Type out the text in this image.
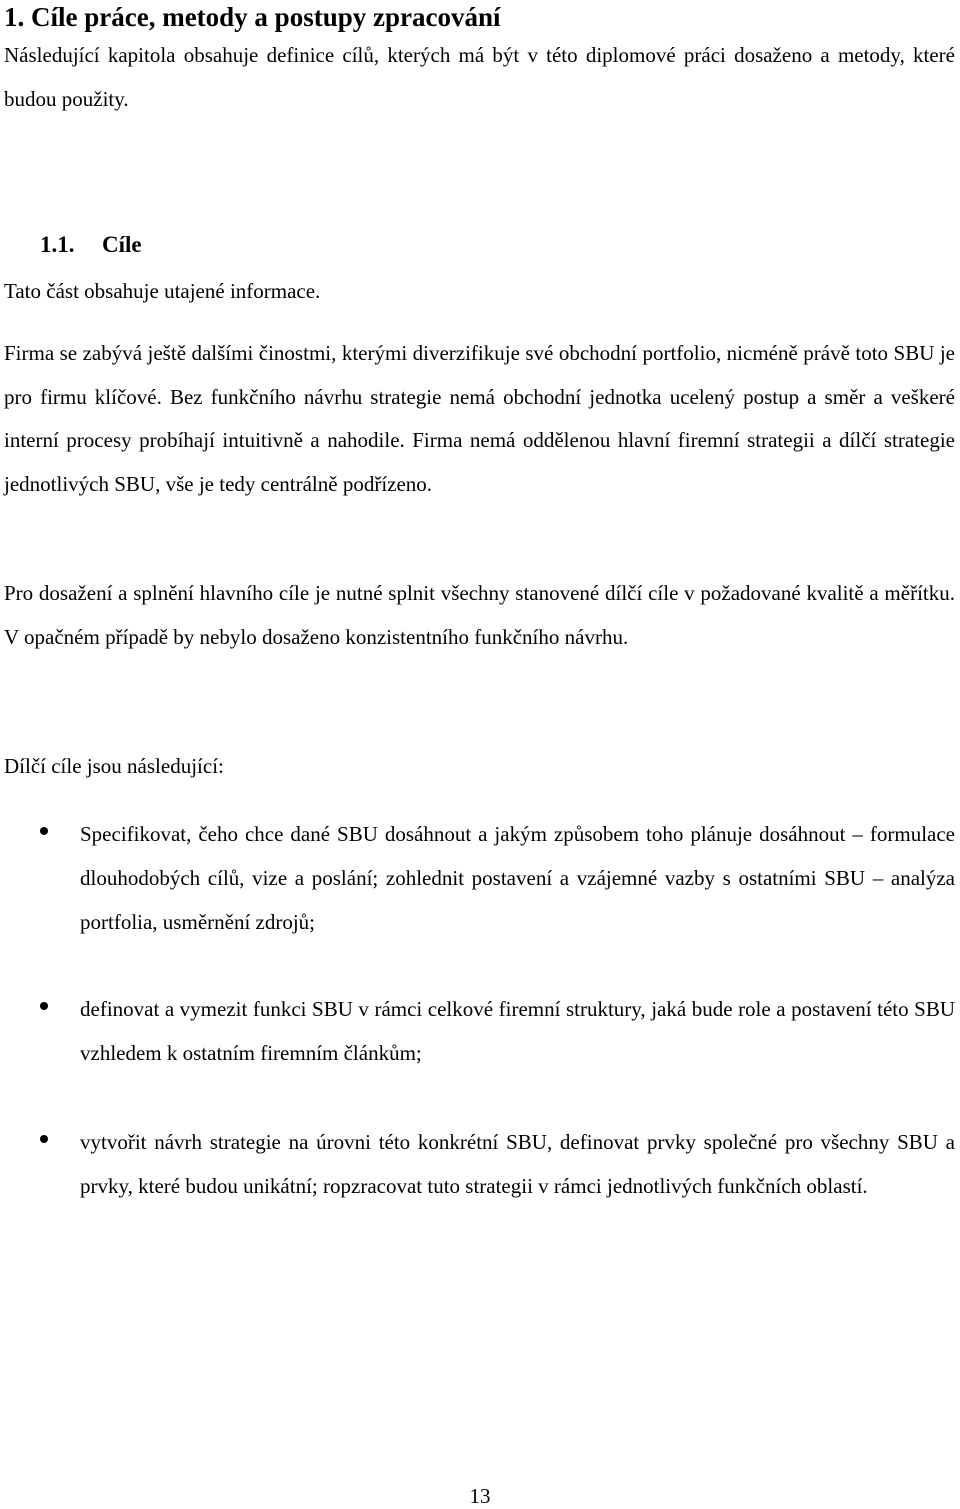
1. Cíle práce, metody a postupy zpracování

Následující kapitola obsahuje definice cílů, kterých má být v této diplomové práci dosaženo a metody, které budou použity.

1.1. Cíle

Tato část obsahuje utajené informace.

Firma se zabývá ještě dalšími činostmi, kterými diverzifikuje své obchodní portfolio, nicméně právě toto SBU je pro firmu klíčové. Bez funkčního návrhu strategie nemá obchodní jednotka ucelený postup a směr a veškeré interní procesy probíhají intuitivně a nahodile. Firma nemá oddělenou hlavní firemní strategii a dílčí strategie jednotlivých SBU, vše je tedy centrálně podřízeno.

Pro dosažení a splnění hlavního cíle je nutné splnit všechny stanovené dílčí cíle v požadované kvalitě a měřítku. V opačném případě by nebylo dosaženo konzistentního funkčního návrhu.

Dílčí cíle jsou následující:

Specifikovat, čeho chce dané SBU dosáhnout a jakým způsobem toho plánuje dosáhnout – formulace dlouhodobých cílů, vize a poslání; zohlednit postavení a vzájemné vazby s ostatními SBU – analýza portfolia, usměrnění zdrojů;

definovat a vymezit funkci SBU v rámci celkové firemní struktury, jaká bude role a postavení této SBU vzhledem k ostatním firemním článkům;

vytvořit návrh strategie na úrovni této konkrétní SBU, definovat prvky společné pro všechny SBU a prvky, které budou unikátní; ropzracovat tuto strategii v rámci jednotlivých funkčních oblastí.

13
